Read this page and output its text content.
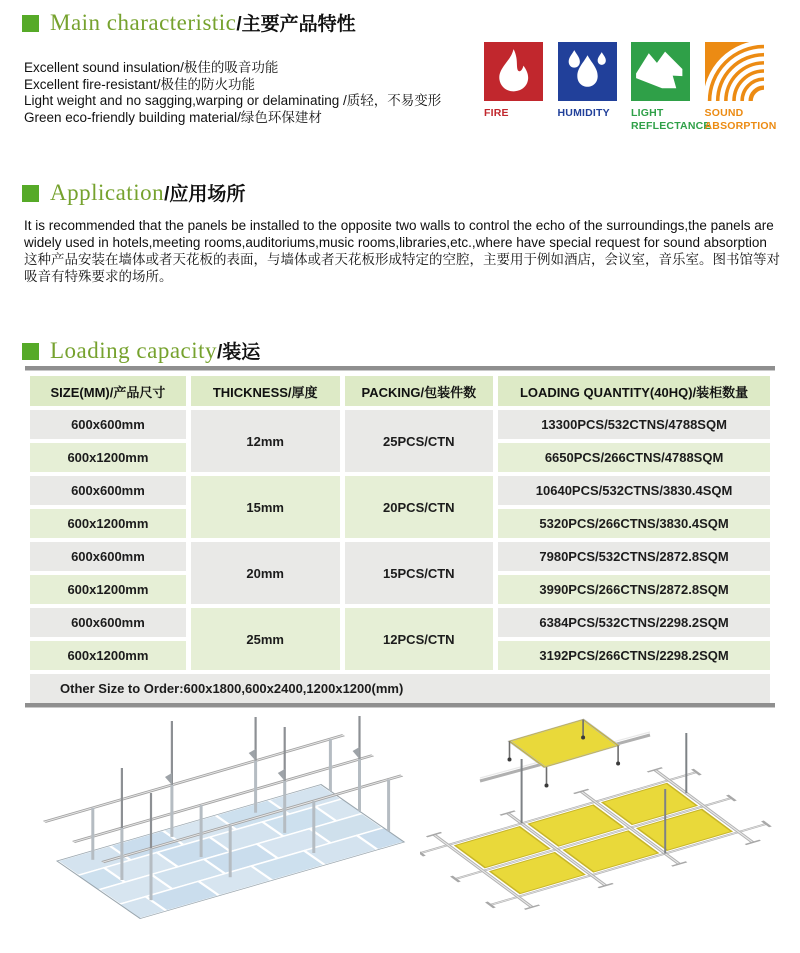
Main characteristic/主要产品特性
Excellent sound insulation/极佳的吸音功能
Excellent fire-resistant/极佳的防火功能
Light weight and no sagging,warping or delaminating /质轻，不易变形
Green eco-friendly building material/绿色环保建材	FIRE	HUMIDITY	LIGHT
REFLECTANCE
SOUND
ABSORPTION
Application/应用场所
It is recommended that the panels be installed to the opposite two walls to control the echo of the surroundings,the panels are widely used in hotels,meeting rooms,auditoriums,music rooms,libraries,etc.,where have special request for sound absorption
这种产品安装在墙体或者天花板的表面，与墙体或者天花板形成特定的空腔，主要用于例如酒店，会议室，音乐室。图书馆等对吸音有特殊要求的场所。
Loading capacity/装运
SIZE(MM)/产品尺寸	THICKNESS/厚度	PACKING/包装件数	LOADING QUANTITY(40HQ)/装柜数量
600x600mm	12mm	25PCS/CTN	13300PCS/532CTNS/4788SQM
600x1200mm			6650PCS/266CTNS/4788SQM
600x600mm	15mm	20PCS/CTN	10640PCS/532CTNS/3830.4SQM
600x1200mm			5320PCS/266CTNS/3830.4SQM
600x600mm	20mm	15PCS/CTN	7980PCS/532CTNS/2872.8SQM
600x1200mm			3990PCS/266CTNS/2872.8SQM
600x600mm	25mm	12PCS/CTN	6384PCS/532CTNS/2298.2SQM
600x1200mm			3192PCS/266CTNS/2298.2SQM
Other Size to Order:600x1800,600x2400,1200x1200(mm)			
